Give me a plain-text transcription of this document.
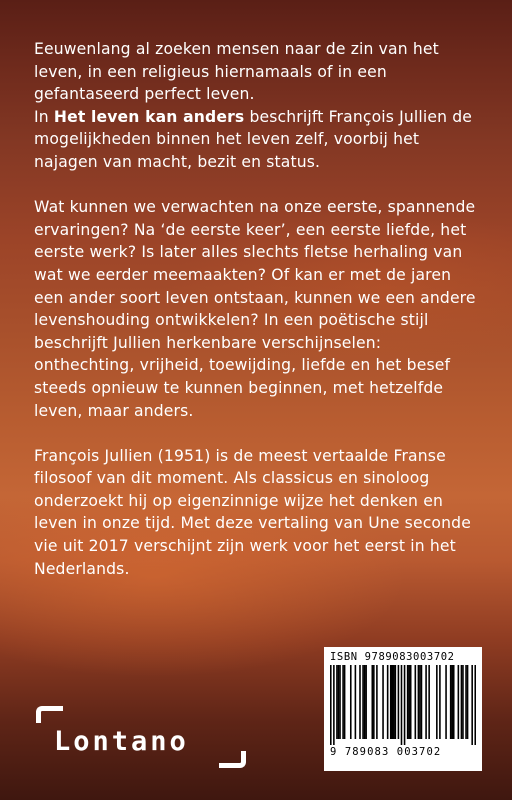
Eeuwenlang al zoeken mensen naar de zin van het leven, in een religieus hiernamaals of in een gefantaseerd perfect leven.
In Het leven kan anders beschrijft François Jullien de mogelijkheden binnen het leven zelf, voorbij het najagen van macht, bezit en status.

Wat kunnen we verwachten na onze eerste, spannende ervaringen? Na ‘de eerste keer’, een eerste liefde, het eerste werk? Is later alles slechts fletse herhaling van wat we eerder meemaakten? Of kan er met de jaren een ander soort leven ontstaan, kunnen we een andere levenshouding ontwikkelen? In een poëtische stijl beschrijft Jullien herkenbare verschijnselen: onthechting, vrijheid, toewijding, liefde en het besef steeds opnieuw te kunnen beginnen, met hetzelfde leven, maar anders.

François Jullien (1951) is de meest vertaalde Franse filosoof van dit moment. Als classicus en sinoloog onderzoekt hij op eigenzinnige wijze het denken en leven in onze tijd. Met deze vertaling van Une seconde vie uit 2017 verschijnt zijn werk voor het eerst in het Nederlands.

Lontano
ISBN 9789083003702
9 789083 003702
